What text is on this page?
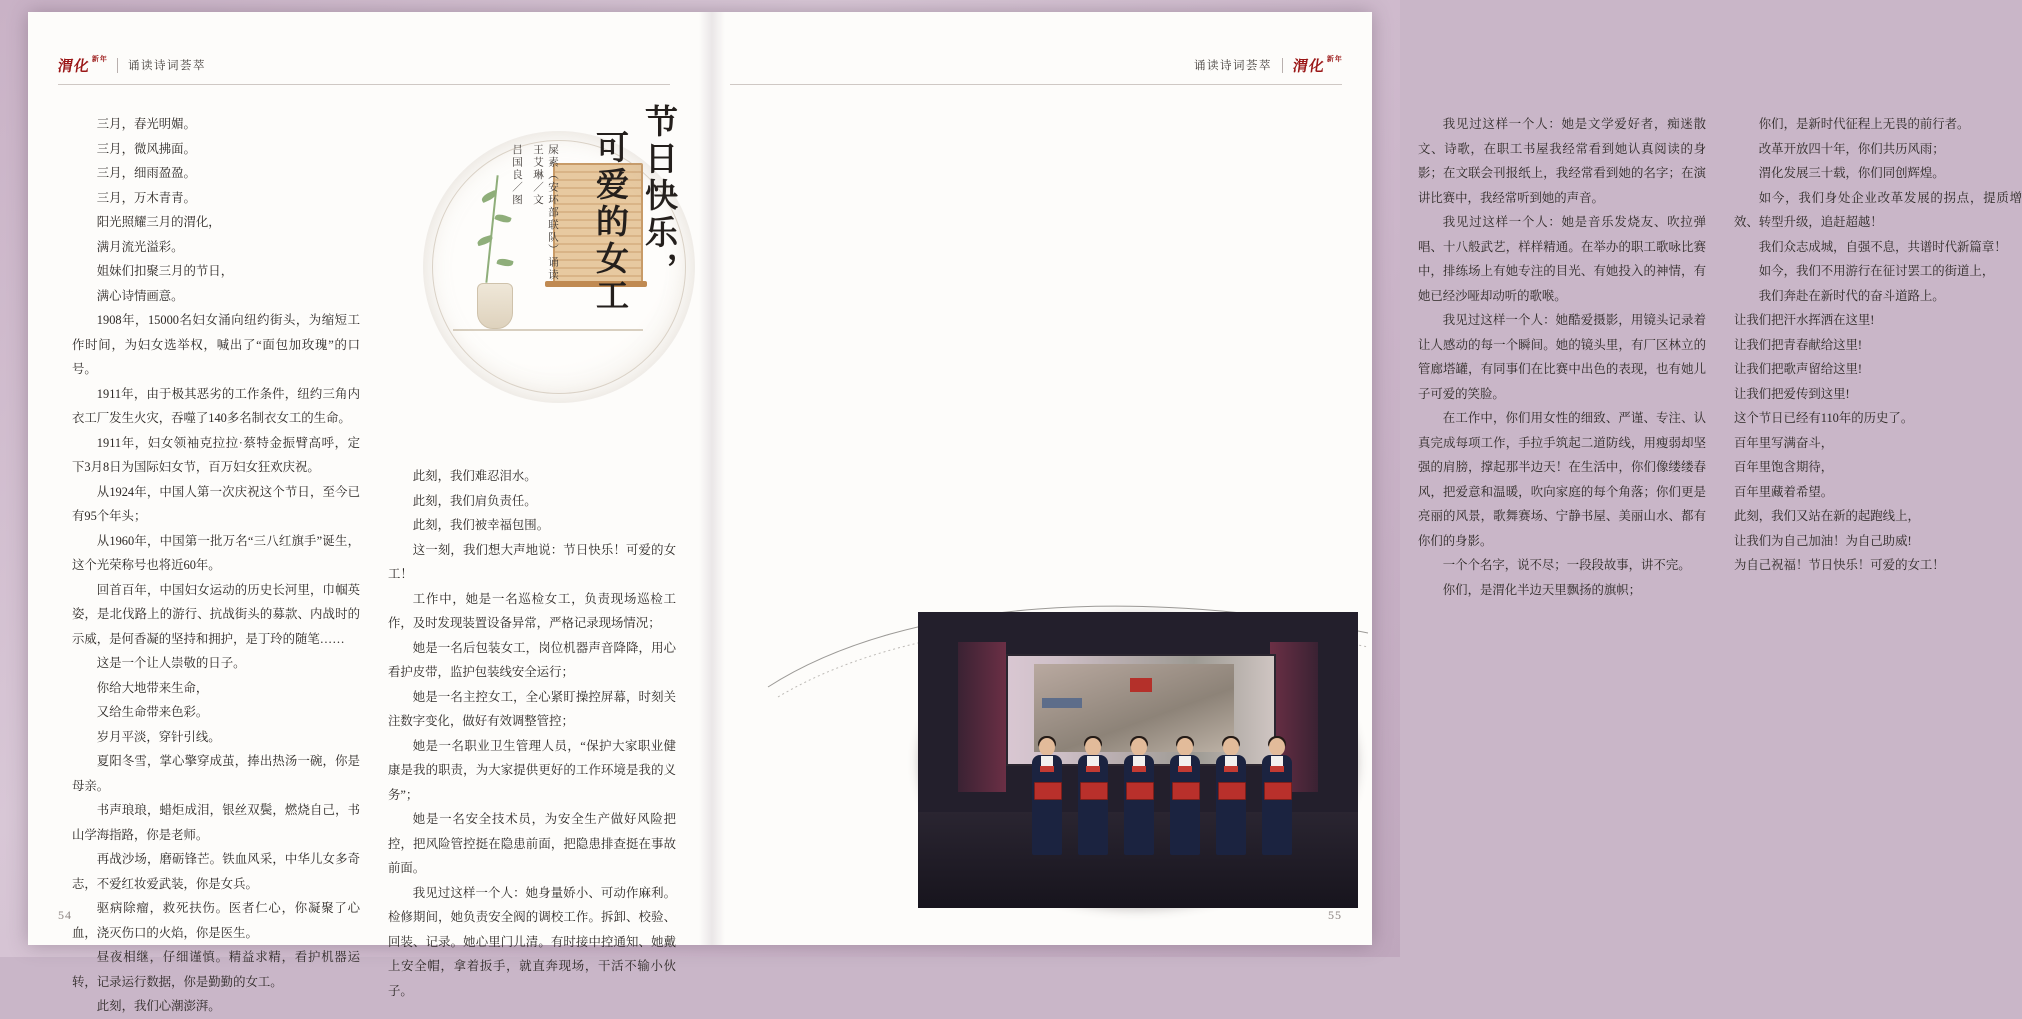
渭化新年
诵读诗词荟萃
54

三月，春光明媚。

三月，微风拂面。

三月，细雨盈盈。

三月，万木青青。

阳光照耀三月的渭化，

满月流光溢彩。

姐妹们扣聚三月的节日，

满心诗情画意。

1908年，15000名妇女涌向纽约街头，为缩短工作时间，为妇女选举权，喊出了“面包加玫瑰”的口号。

1911年，由于极其恶劣的工作条件，纽约三角内衣工厂发生火灾，吞噬了140多名制衣女工的生命。

1911年，妇女领袖克拉拉·蔡特金振臂高呼，定下3月8日为国际妇女节，百万妇女狂欢庆祝。

从1924年，中国人第一次庆祝这个节日，至今已有95个年头；

从1960年，中国第一批万名“三八红旗手”诞生，这个光荣称号也将近60年。

回首百年，中国妇女运动的历史长河里，巾帼英姿，是北伐路上的游行、抗战街头的募款、内战时的示威，是何香凝的坚持和拥护，是丁玲的随笔……

这是一个让人崇敬的日子。

你给大地带来生命，

又给生命带来色彩。

岁月平淡，穿针引线。

夏阳冬雪，掌心擎穿成茧，捧出热汤一碗，你是母亲。

书声琅琅，蜡炬成泪，银丝双鬓，燃烧自己，书山学海指路，你是老师。

再战沙场，磨砺锋芒。铁血风采，中华儿女多奇志，不爱红妆爱武装，你是女兵。

驱病除瘤，救死扶伤。医者仁心，你凝聚了心血，浇灭伤口的火焰，你是医生。

昼夜相继，仔细谨慎。精益求精，看护机器运转，记录运行数据，你是勤勤的女工。

此刻，我们心潮澎湃。

节日快乐，
可爱的女工
屎素（安环部联队）诵读 王艾琳／文
吕国良／图

此刻，我们难忍泪水。

此刻，我们肩负责任。

此刻，我们被幸福包围。

这一刻，我们想大声地说：节日快乐！可爱的女工！

工作中，她是一名巡检女工，负责现场巡检工作，及时发现装置设备异常，严格记录现场情况；

她是一名后包装女工，岗位机器声音降降，用心看护皮带，监护包装线安全运行；

她是一名主控女工，全心紧盯操控屏幕，时刻关注数字变化，做好有效调整管控；

她是一名职业卫生管理人员，“保护大家职业健康是我的职责，为大家提供更好的工作环境是我的义务”；

她是一名安全技术员，为安全生产做好风险把控，把风险管控挺在隐患前面，把隐患排查挺在事故前面。

我见过这样一个人：她身量娇小、可动作麻利。检修期间，她负责安全阀的调校工作。拆卸、校验、回装、记录。她心里门儿清。有时接中控通知、她戴上安全帽，拿着扳手，就直奔现场，干活不输小伙子。

渭化新年
诵读诗词荟萃
55

我见过这样一个人：她是文学爱好者，痴迷散文、诗歌，在职工书屋我经常看到她认真阅读的身影；在文联会刊报纸上，我经常看到她的名字；在演讲比赛中，我经常听到她的声音。

我见过这样一个人：她是音乐发烧友、吹拉弹唱、十八般武艺，样样精通。在举办的职工歌咏比赛中，排练场上有她专注的目光、有她投入的神情，有她已经沙哑却动听的歌喉。

我见过这样一个人：她酷爱摄影，用镜头记录着让人感动的每一个瞬间。她的镜头里，有厂区林立的管廊塔罐，有同事们在比赛中出色的表现，也有她儿子可爱的笑脸。

在工作中，你们用女性的细致、严谨、专注、认真完成每项工作，手拉手筑起二道防线，用瘦弱却坚强的肩膀，撑起那半边天！在生活中，你们像缕缕春风，把爱意和温暖，吹向家庭的每个角落；你们更是亮丽的风景，歌舞赛场、宁静书屋、美丽山水、都有你们的身影。

一个个名字，说不尽；一段段故事，讲不完。

你们，是渭化半边天里飘扬的旗帜；

你们，是新时代征程上无畏的前行者。

改革开放四十年，你们共历风雨；

渭化发展三十载，你们同创辉煌。

如今，我们身处企业改革发展的拐点，提质增效、转型升级，追赶超越！

我们众志成城，自强不息，共谱时代新篇章！

如今，我们不用游行在征讨罢工的街道上，

我们奔赴在新时代的奋斗道路上。

让我们把汗水挥洒在这里!

让我们把青春献给这里!

让我们把歌声留给这里!

让我们把爱传到这里!

这个节日已经有110年的历史了。

百年里写满奋斗，

百年里饱含期待，

百年里藏着希望。

此刻，我们又站在新的起跑线上，

让我们为自己加油！为自己助威!

为自己祝福！节日快乐！可爱的女工！
